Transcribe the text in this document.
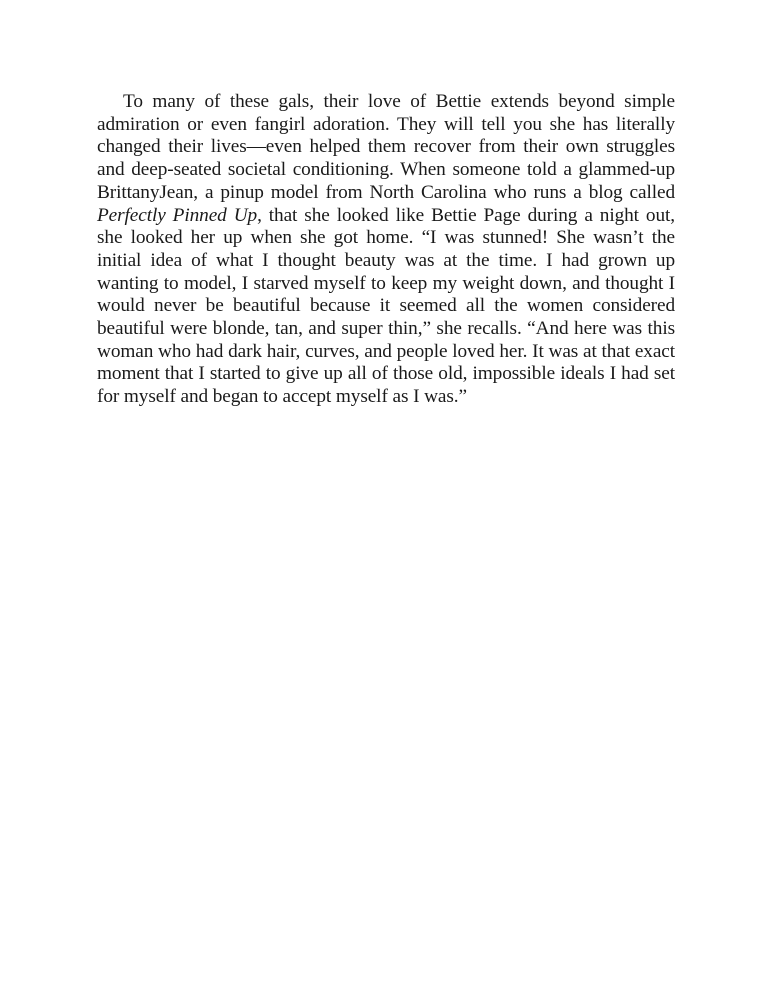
To many of these gals, their love of Bettie extends beyond simple admiration or even fangirl adoration. They will tell you she has literally changed their lives—even helped them recover from their own struggles and deep-seated societal conditioning. When someone told a glammed-up BrittanyJean, a pinup model from North Carolina who runs a blog called Perfectly Pinned Up, that she looked like Bettie Page during a night out, she looked her up when she got home. “I was stunned! She wasn’t the initial idea of what I thought beauty was at the time. I had grown up wanting to model, I starved myself to keep my weight down, and thought I would never be beautiful because it seemed all the women considered beautiful were blonde, tan, and super thin,” she recalls. “And here was this woman who had dark hair, curves, and people loved her. It was at that exact moment that I started to give up all of those old, impossible ideals I had set for myself and began to accept myself as I was.”
